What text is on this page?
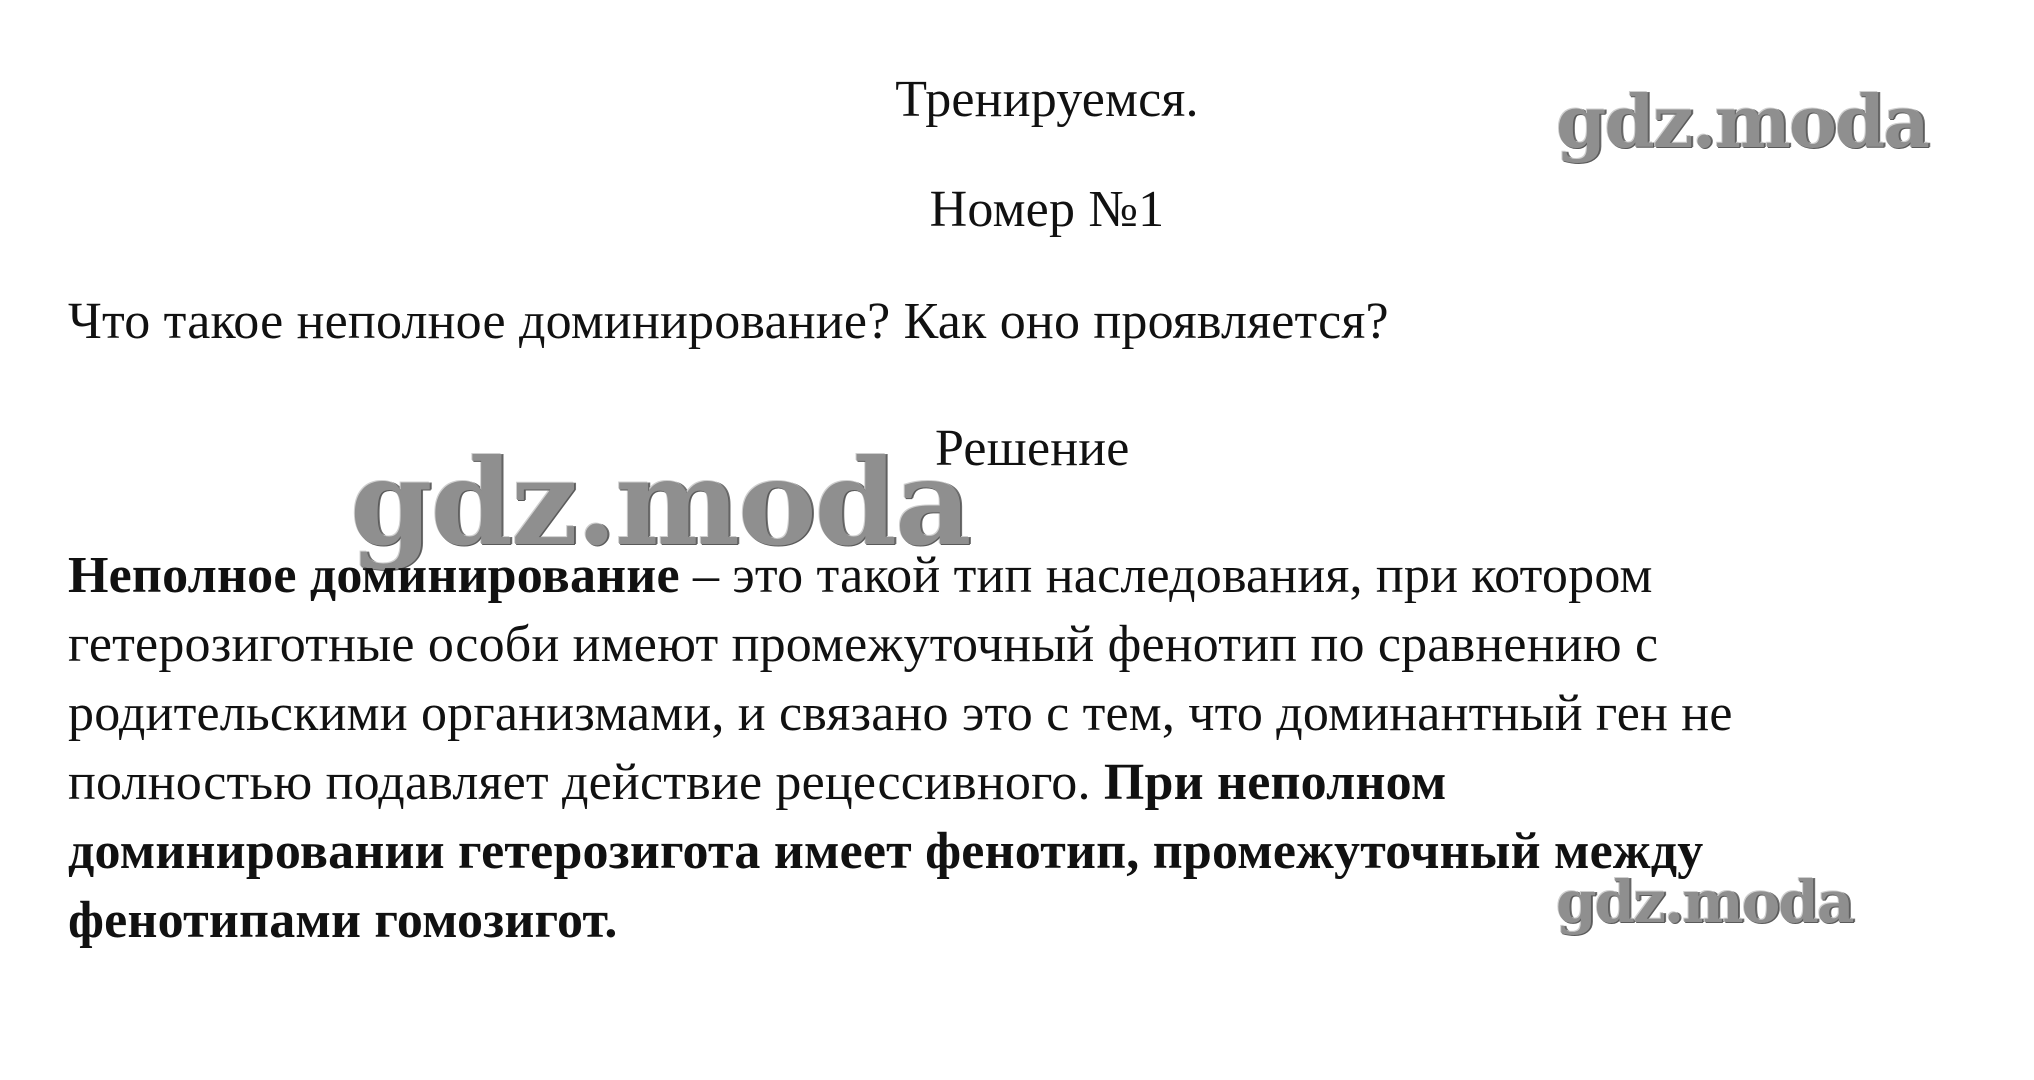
Тренируемся.
Номер №1
Что такое неполное доминирование? Как оно проявляется?
gdz.moda
Решение
Неполное доминирование – это такой тип наследования, при котором
гетерозиготные особи имеют промежуточный фенотип по сравнению с
родительскими организмами, и связано это с тем, что доминантный ген не
полностью подавляет действие рецессивного. При неполном
доминировании гетерозигота имеет фенотип, промежуточный между
фенотипами гомозигот.
gdz.moda
gdz.moda
